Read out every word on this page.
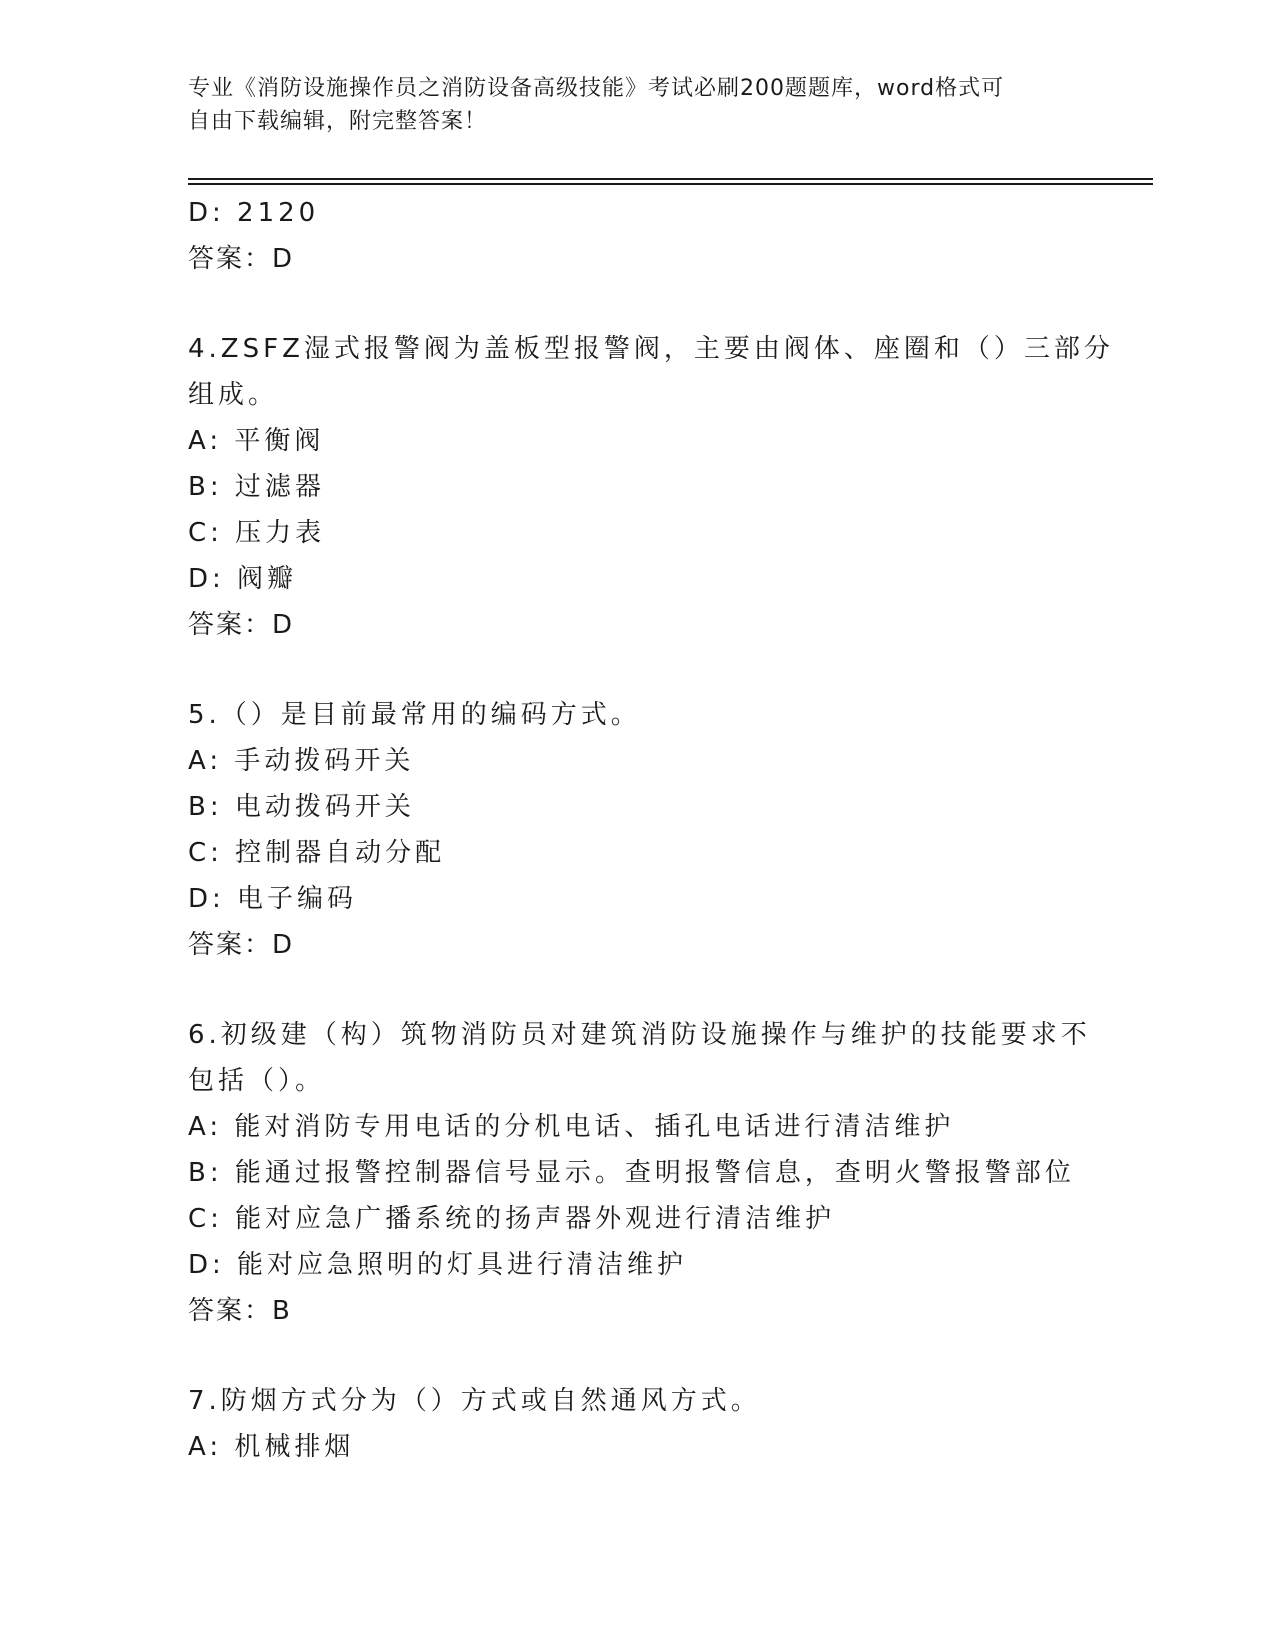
专业《消防设施操作员之消防设备高级技能》考试必刷200题题库，word格式可
自由下载编辑，附完整答案！
D: 2120
答案：D
4.ZSFZ湿式报警阀为盖板型报警阀，主要由阀体、座圈和（）三部分
组成。
A: 平衡阀
B: 过滤器
C: 压力表
D: 阀瓣
答案：D
5.（）是目前最常用的编码方式。
A: 手动拨码开关
B: 电动拨码开关
C: 控制器自动分配
D: 电子编码
答案：D
6.初级建（构）筑物消防员对建筑消防设施操作与维护的技能要求不
包括（）。
A: 能对消防专用电话的分机电话、插孔电话进行清洁维护
B: 能通过报警控制器信号显示。查明报警信息，查明火警报警部位
C: 能对应急广播系统的扬声器外观进行清洁维护
D: 能对应急照明的灯具进行清洁维护
答案：B
7.防烟方式分为（）方式或自然通风方式。
A: 机械排烟
